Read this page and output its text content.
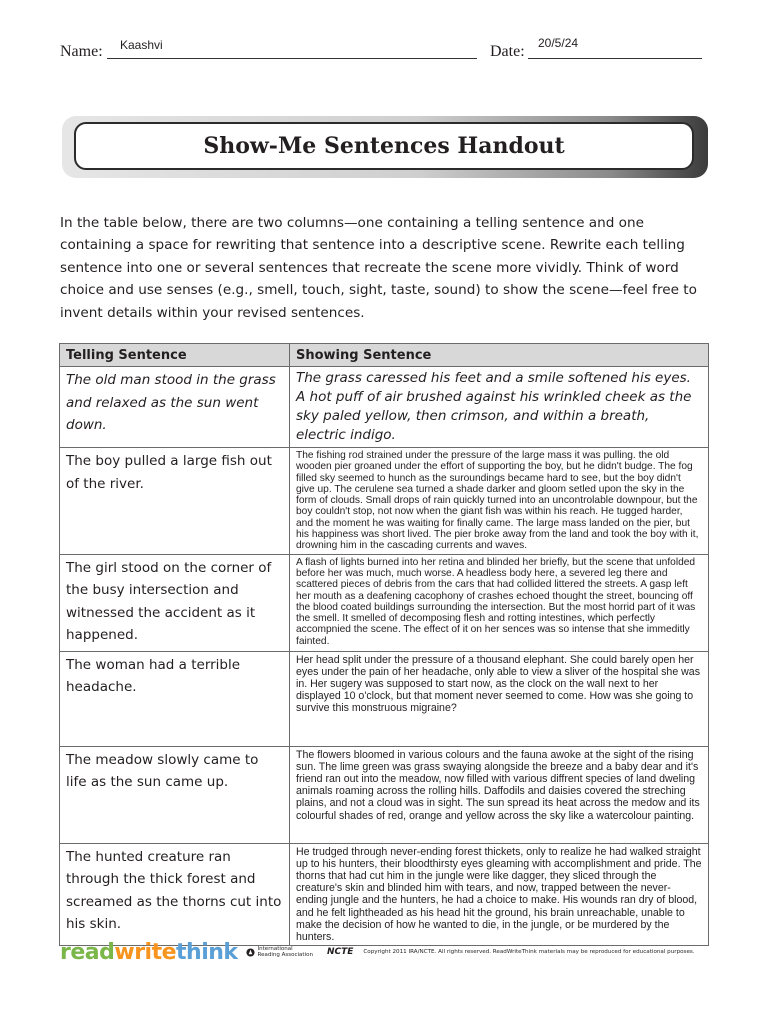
Name: Kaashvi	Date: 20/5/24
Show-Me Sentences Handout

In the table below, there are two columns—one containing a telling sentence and one containing a space for rewriting that sentence into a descriptive scene. Rewrite each telling sentence into one or several sentences that recreate the scene more vividly. Think of word choice and use senses (e.g., smell, touch, sight, taste, sound) to show the scene—feel free to invent details within your revised sentences.

Telling Sentence	Showing Sentence
The old man stood in the grass and relaxed as the sun went down.	The grass caressed his feet and a smile softened his eyes. A hot puff of air brushed against his wrinkled cheek as the sky paled yellow, then crimson, and within a breath, electric indigo.
The boy pulled a large fish out of the river.	The fishing rod strained under the pressure of the large mass it was pulling. the old wooden pier groaned under the effort of supporting the boy, but he didn't budge. The fog filled sky seemed to hunch as the suroundings became hard to see, but the boy didn't give up. The cerulene sea turned a shade darker and gloom setled upon the sky in the form of clouds. Small drops of rain quickly turned into an uncontrolable downpour, but the boy couldn't stop, not now when the giant fish was within his reach. He tugged harder, and the moment he was waiting for finally came. The large mass landed on the pier, but his happiness was short lived. The pier broke away from the land and took the boy with it, drowning him in the cascading currents and waves.
The girl stood on the corner of the busy intersection and witnessed the accident as it happened.	A flash of lights burned into her retina and blinded her briefly, but the scene that unfolded before her was much, much worse. A headless body here, a severed leg there and scattered pieces of debris from the cars that had collided littered the streets. A gasp left her mouth as a deafening cacophony of crashes echoed thought the street, bouncing off the blood coated buildings surrounding the intersection. But the most horrid part of it was the smell. It smelled of decomposing flesh and rotting intestines, which perfectly accompnied the scene. The effect of it on her sences was so intense that she immeditly fainted.
The woman had a terrible headache.	Her head split under the pressure of a thousand elephant. She could barely open her eyes under the pain of her headache, only able to view a sliver of the hospital she was in. Her sugery was supposed to start now, as the clock on the wall next to her displayed 10 o'clock, but that moment never seemed to come. How was she going to survive this monstruous migraine?
The meadow slowly came to life as the sun came up.	The flowers bloomed in various colours and the fauna awoke at the sight of the rising sun. The lime green was grass swaying alongside the breeze and a baby dear and it's friend ran out into the meadow, now filled with various diffrent species of land dweling animals roaming across the rolling hills. Daffodils and daisies covered the streching plains, and not a cloud was in sight. The sun spread its heat across the medow and its colourful shades of red, orange and yellow across the sky like a watercolour painting.
The hunted creature ran through the thick forest and screamed as the thorns cut into his skin.	He trudged through never-ending forest thickets, only to realize he had walked straight up to his hunters, their bloodthirsty eyes gleaming with accomplishment and pride. The thorns that had cut him in the jungle were like dagger, they sliced through the creature's skin and blinded him with tears, and now, trapped between the never-ending jungle and the hunters, he had a choice to make. His wounds ran dry of blood, and he felt lightheaded as his head hit the ground, his brain unreachable, unable to make the decision of how he wanted to die, in the jungle, or be murdered by the hunters.
readwritethink	International
Reading Association NCTE Copyright 2011 IRA/NCTE. All rights reserved. ReadWriteThink materials may be reproduced for educational purposes.
